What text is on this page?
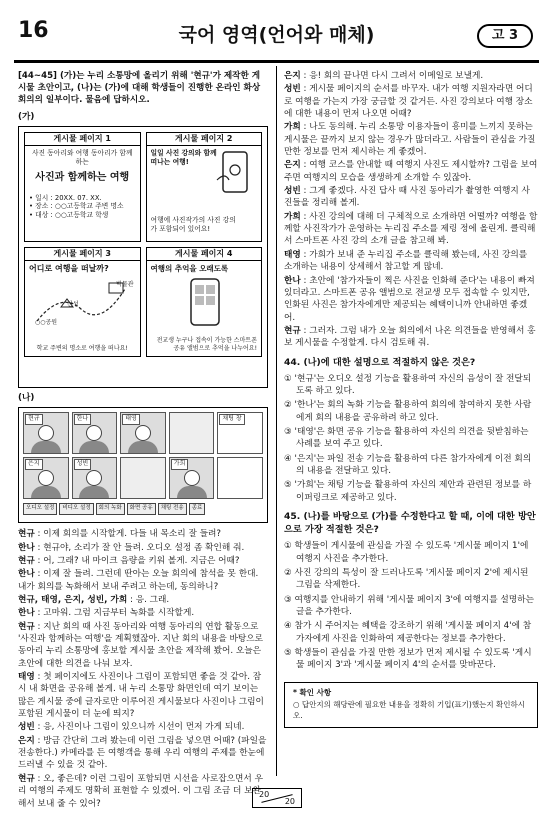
16	국어 영역(언어와 매체)	고 3
[44~45] (가)는 누리 소통망에 올리기 위해 '현규'가 제작한 게시물 초안이고, (나)는 (가)에 대해 학생들이 진행한 온라인 화상 회의의 일부이다. 물음에 답하시오.
(가)
게시물 페이지 1
사진 동아리와 여행 동아리가 함께하는
사진과 함께하는 여행
• 일시 : 20XX. 07. XX.
• 장소 : ○○고등학교 주변 명소
• 대상 : ○○고등학교 학생
게시물 페이지 2
일일 사진 강의와 함께 떠나는 여행!
여행에 사진작가의 사진 강의가 포함되어 있어요!
게시물 페이지 3
어디로 여행을 떠날까?
박물관
산성
○○공원
학교 주변의 명소로 여행을 떠나요!
게시물 페이지 4
여행의 추억을 오래도록
전교생 누구나 접속이 가능한 스마트폰 공유 앨범으로 추억을 나누어요!
(나)
현규	한나	태영	채팅 창
은지	성빈	가희
오디오 설정	비디오 설정	회의 녹화	화면 공유	채팅 전송	종료

현규 : 이제 회의를 시작할게. 다들 내 목소리 잘 들려?

한나 : 현규야, 소리가 잘 안 들려. 오디오 설정 좀 확인해 줘.

현규 : 어, 그래? 내 마이크 음량을 키워 볼게. 지금은 어때?

한나 : 이제 잘 들려. 그런데 딴아는 오늘 회의에 참석을 못 한대. 내가 회의를 녹화해서 보내 주려고 하는데, 동의하니?

현규, 태영, 은지, 성빈, 가희 : 응. 그래.

한나 : 고마워. 그럼 지금부터 녹화를 시작할게.

현규 : 지난 회의 때 사진 동아리와 여행 동아리의 연합 활동으로 '사진과 함께하는 여행'을 계획했잖아. 지난 회의 내용을 바탕으로 동아리 누리 소통망에 홍보할 게시물 초안을 제작해 봤어. 오늘은 초안에 대한 의견을 나눠 보자.

태영 : 첫 페이지에도 사진이나 그림이 포함되면 좋을 것 같아. 잠시 내 화면을 공유해 볼게. 내 누리 소통망 화면인데 여기 보이는 많은 게시물 중에 글자로만 이루어진 게시물보다 사진이나 그림이 포함된 게시물이 더 눈에 띄지?

성빈 : 응, 사진이나 그림이 있으니까 시선이 먼저 가게 되네.

은지 : 방금 간단히 그려 봤는데 이런 그림을 넣으면 어때? (파일을 전송한다.) 카메라를 든 여행객을 통해 우리 여행의 주제를 한눈에 드러낼 수 있을 것 같아.

현규 : 오, 좋은데? 이런 그림이 포함되면 시선을 사로잡으면서 우리 여행의 주제도 명확히 표현할 수 있겠어. 이 그림 조금 더 보완해서 보내 줄 수 있어?

은지 : 응! 회의 끝나면 다시 그려서 이메일로 보낼게.

성빈 : 게시물 페이지의 순서를 바꾸자. 내가 여행 지원자라면 어디로 여행을 가는지 가장 궁금할 것 같거든. 사진 강의보다 여행 장소에 대한 내용이 먼저 나오면 어때?

가희 : 나도 동의해. 누리 소통망 이용자들이 흥미를 느끼지 못하는 게시물은 끝까지 보지 않는 경우가 많더라고. 사람들이 관심을 가질 만한 정보를 먼저 제시하는 게 좋겠어.

은지 : 여행 코스를 안내할 때 여행지 사진도 제시할까? 그림을 보여 주면 여행지의 모습을 생생하게 소개할 수 있잖아.

성빈 : 그게 좋겠다. 사진 답사 때 사진 동아리가 촬영한 여행지 사진들을 정리해 볼게.

가희 : 사진 강의에 대해 더 구체적으로 소개하면 어떨까? 여행을 함께할 사진작가가 운영하는 누리집 주소를 제링 정에 올린게. 클릭해서 스마트폰 사진 강의 소개 글을 참고해 봐.

태영 : 가희가 보내 준 누리집 주소를 클릭해 봤는데, 사진 강의를 소개하는 내용이 상세해서 참고할 게 많네.

한나 : 초안에 '참가자들이 찍은 사진을 인화해 준다'는 내용이 빠져 있더라고. 스마트폰 공유 앨범으로 전교생 모두 접속할 수 있지만, 인화된 사진은 참가자에게만 제공되는 혜택이니까 안내하면 좋겠어.

현규 : 그러자. 그럼 내가 오늘 회의에서 나온 의견들을 반영해서 홍보 게시물을 수정할게. 다시 검토해 줘.

44. (나)에 대한 설명으로 적절하지 않은 것은?

① '현규'는 오디오 설정 기능을 활용하여 자신의 음성이 잘 전달되도록 하고 있다.

② '한나'는 회의 녹화 기능을 활용하여 회의에 참여하지 못한 사람에게 회의 내용을 공유하려 하고 있다.

③ '태영'은 화면 공유 기능을 활용하여 자신의 의견을 뒷받침하는 사례를 보여 주고 있다.

④ '은지'는 파일 전송 기능을 활용하여 다른 참가자에게 이전 회의의 내용을 전달하고 있다.

⑤ '가희'는 채팅 기능을 활용하여 자신의 제안과 관련된 정보를 하이퍼링크로 제공하고 있다.

45. (나)를 바탕으로 (가)를 수정한다고 할 때, 이에 대한 방안으로 가장 적절한 것은?

① 학생들이 게시물에 관심을 가질 수 있도록 '게시물 페이지 1'에 여행지 사진을 추가한다.

② 사진 강의의 특성이 잘 드러나도록 '게시물 페이지 2'에 제시된 그림을 삭제한다.

③ 여행지를 안내하기 위해 '게시물 페이지 3'에 여행지를 설명하는 글을 추가한다.

④ 참가 시 주어지는 혜택을 강조하기 위해 '게시물 페이지 4'에 참가자에게 사진을 인화하여 제공한다는 정보를 추가한다.

⑤ 학생들이 관심을 가질 만한 정보가 먼저 제시될 수 있도록 '게시물 페이지 3'과 '게시물 페이지 4'의 순서를 맞바꾼다.

* 확인 사항
○ 답안지의 해당란에 필요한 내용을 정확히 기입(표기)했는지 확인하시오.
20
20
